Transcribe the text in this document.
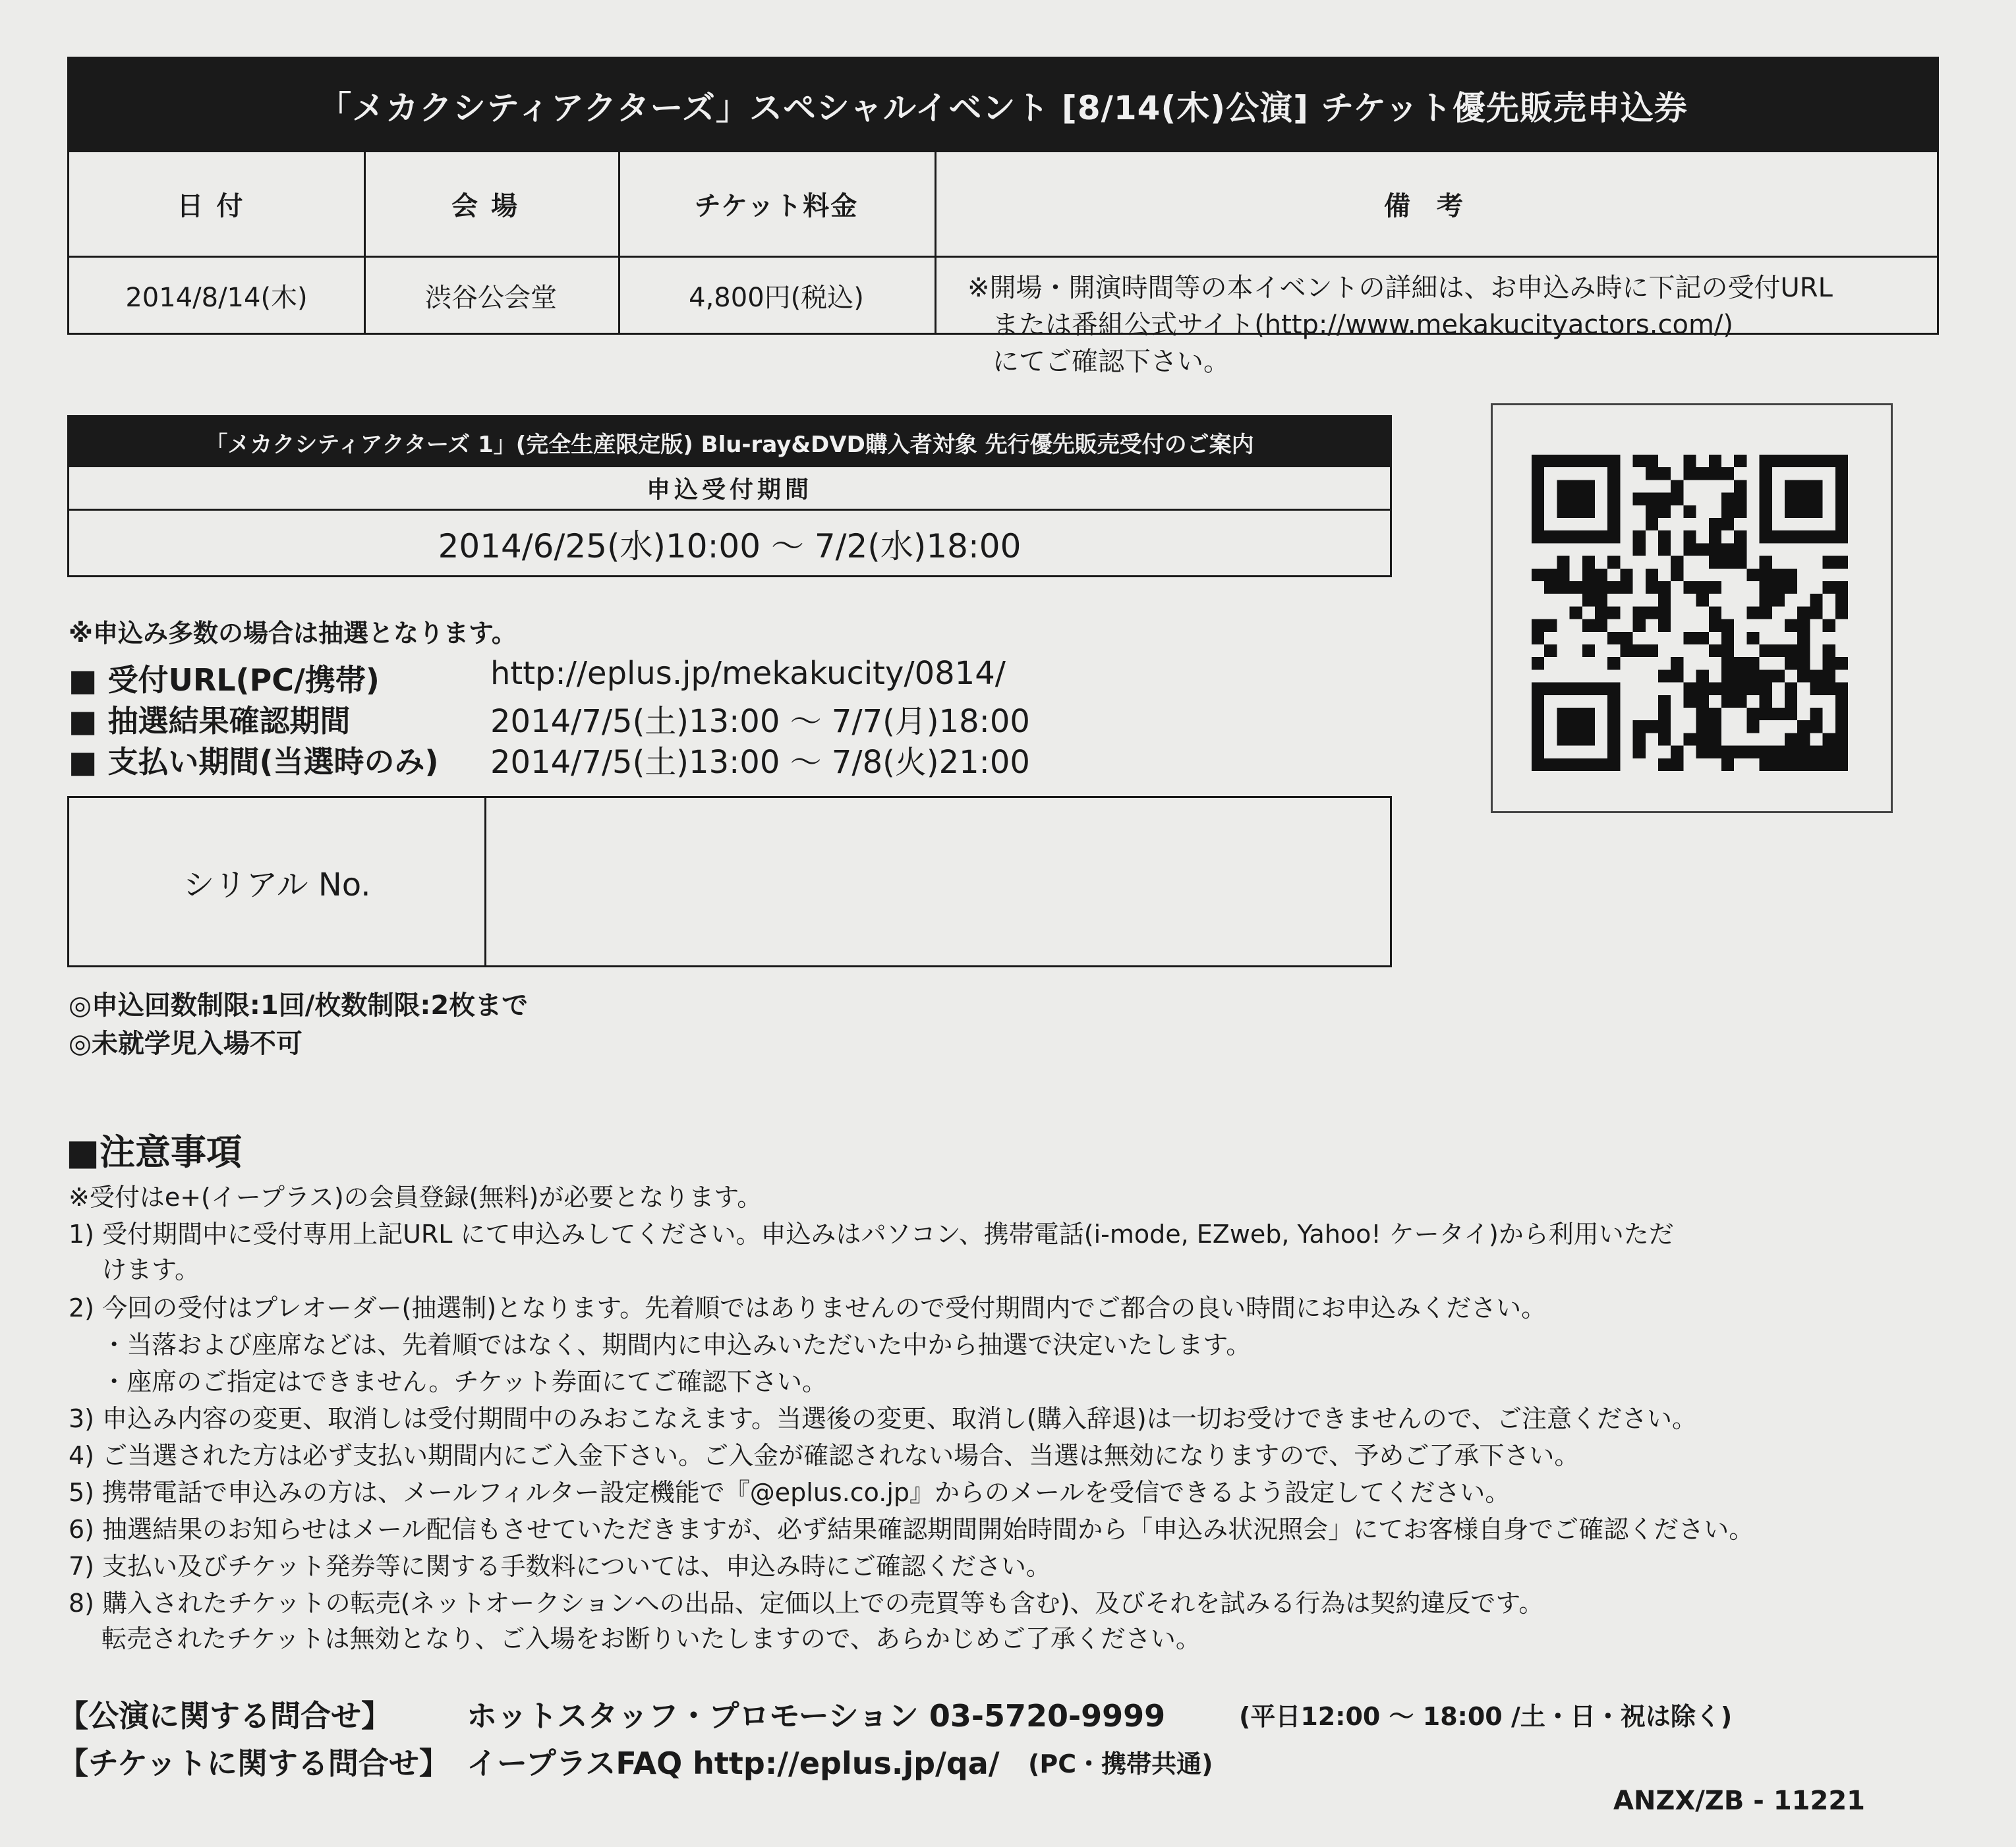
「メカクシティアクターズ」スペシャルイベント [8/14(木)公演] チケット優先販売申込券
日付	会場	チケット料金	備考
2014/8/14(木)	渋谷公会堂	4,800円(税込)	※開場・開演時間等の本イベントの詳細は、お申込み時に下記の受付URL
または番組公式サイト(http://www.mekakucityactors.com/)
にてご確認下さい。
「メカクシティアクターズ 1」(完全生産限定版) Blu-ray&DVD購入者対象 先行優先販売受付のご案内
申込受付期間
2014/6/25(水)10:00 〜 7/2(水)18:00
※申込み多数の場合は抽選となります。
■ 受付URL(PC/携帯)	http://eplus.jp/mekakucity/0814/
■ 抽選結果確認期間	2014/7/5(土)13:00 〜 7/7(月)18:00
■ 支払い期間(当選時のみ) 2014/7/5(土)13:00 〜 7/8(火)21:00
シリアル No.
◎申込回数制限:1回/枚数制限:2枚まで
◎未就学児入場不可
■注意事項
※受付はe+(イープラス)の会員登録(無料)が必要となります。
1) 受付期間中に受付専用上記URL にて申込みしてください。申込みはパソコン、携帯電話(i-mode, EZweb, Yahoo! ケータイ)から利用いただ
　 けます。
2) 今回の受付はプレオーダー(抽選制)となります。先着順ではありませんので受付期間内でご都合の良い時間にお申込みください。
　 ・当落および座席などは、先着順ではなく、期間内に申込みいただいた中から抽選で決定いたします。
　 ・座席のご指定はできません。チケット券面にてご確認下さい。
3) 申込み内容の変更、取消しは受付期間中のみおこなえます。当選後の変更、取消し(購入辞退)は一切お受けできませんので、ご注意ください。
4) ご当選された方は必ず支払い期間内にご入金下さい。ご入金が確認されない場合、当選は無効になりますので、予めご了承下さい。
5) 携帯電話で申込みの方は、メールフィルター設定機能で『@eplus.co.jp』からのメールを受信できるよう設定してください。
6) 抽選結果のお知らせはメール配信もさせていただきますが、必ず結果確認期間開始時間から「申込み状況照会」にてお客様自身でご確認ください。
7) 支払い及びチケット発券等に関する手数料については、申込み時にご確認ください。
8) 購入されたチケットの転売(ネットオークションへの出品、定価以上での売買等も含む)、及びそれを試みる行為は契約違反です。
　 転売されたチケットは無効となり、ご入場をお断りいたしますので、あらかじめご了承ください。
【公演に関する問合せ】 ホットスタッフ・プロモーション 03-5720-9999	(平日12:00 〜 18:00 /土・日・祝は除く)
【チケットに関する問合せ】 イープラスFAQ http://eplus.jp/qa/ (PC・携帯共通)
ANZX/ZB - 11221
